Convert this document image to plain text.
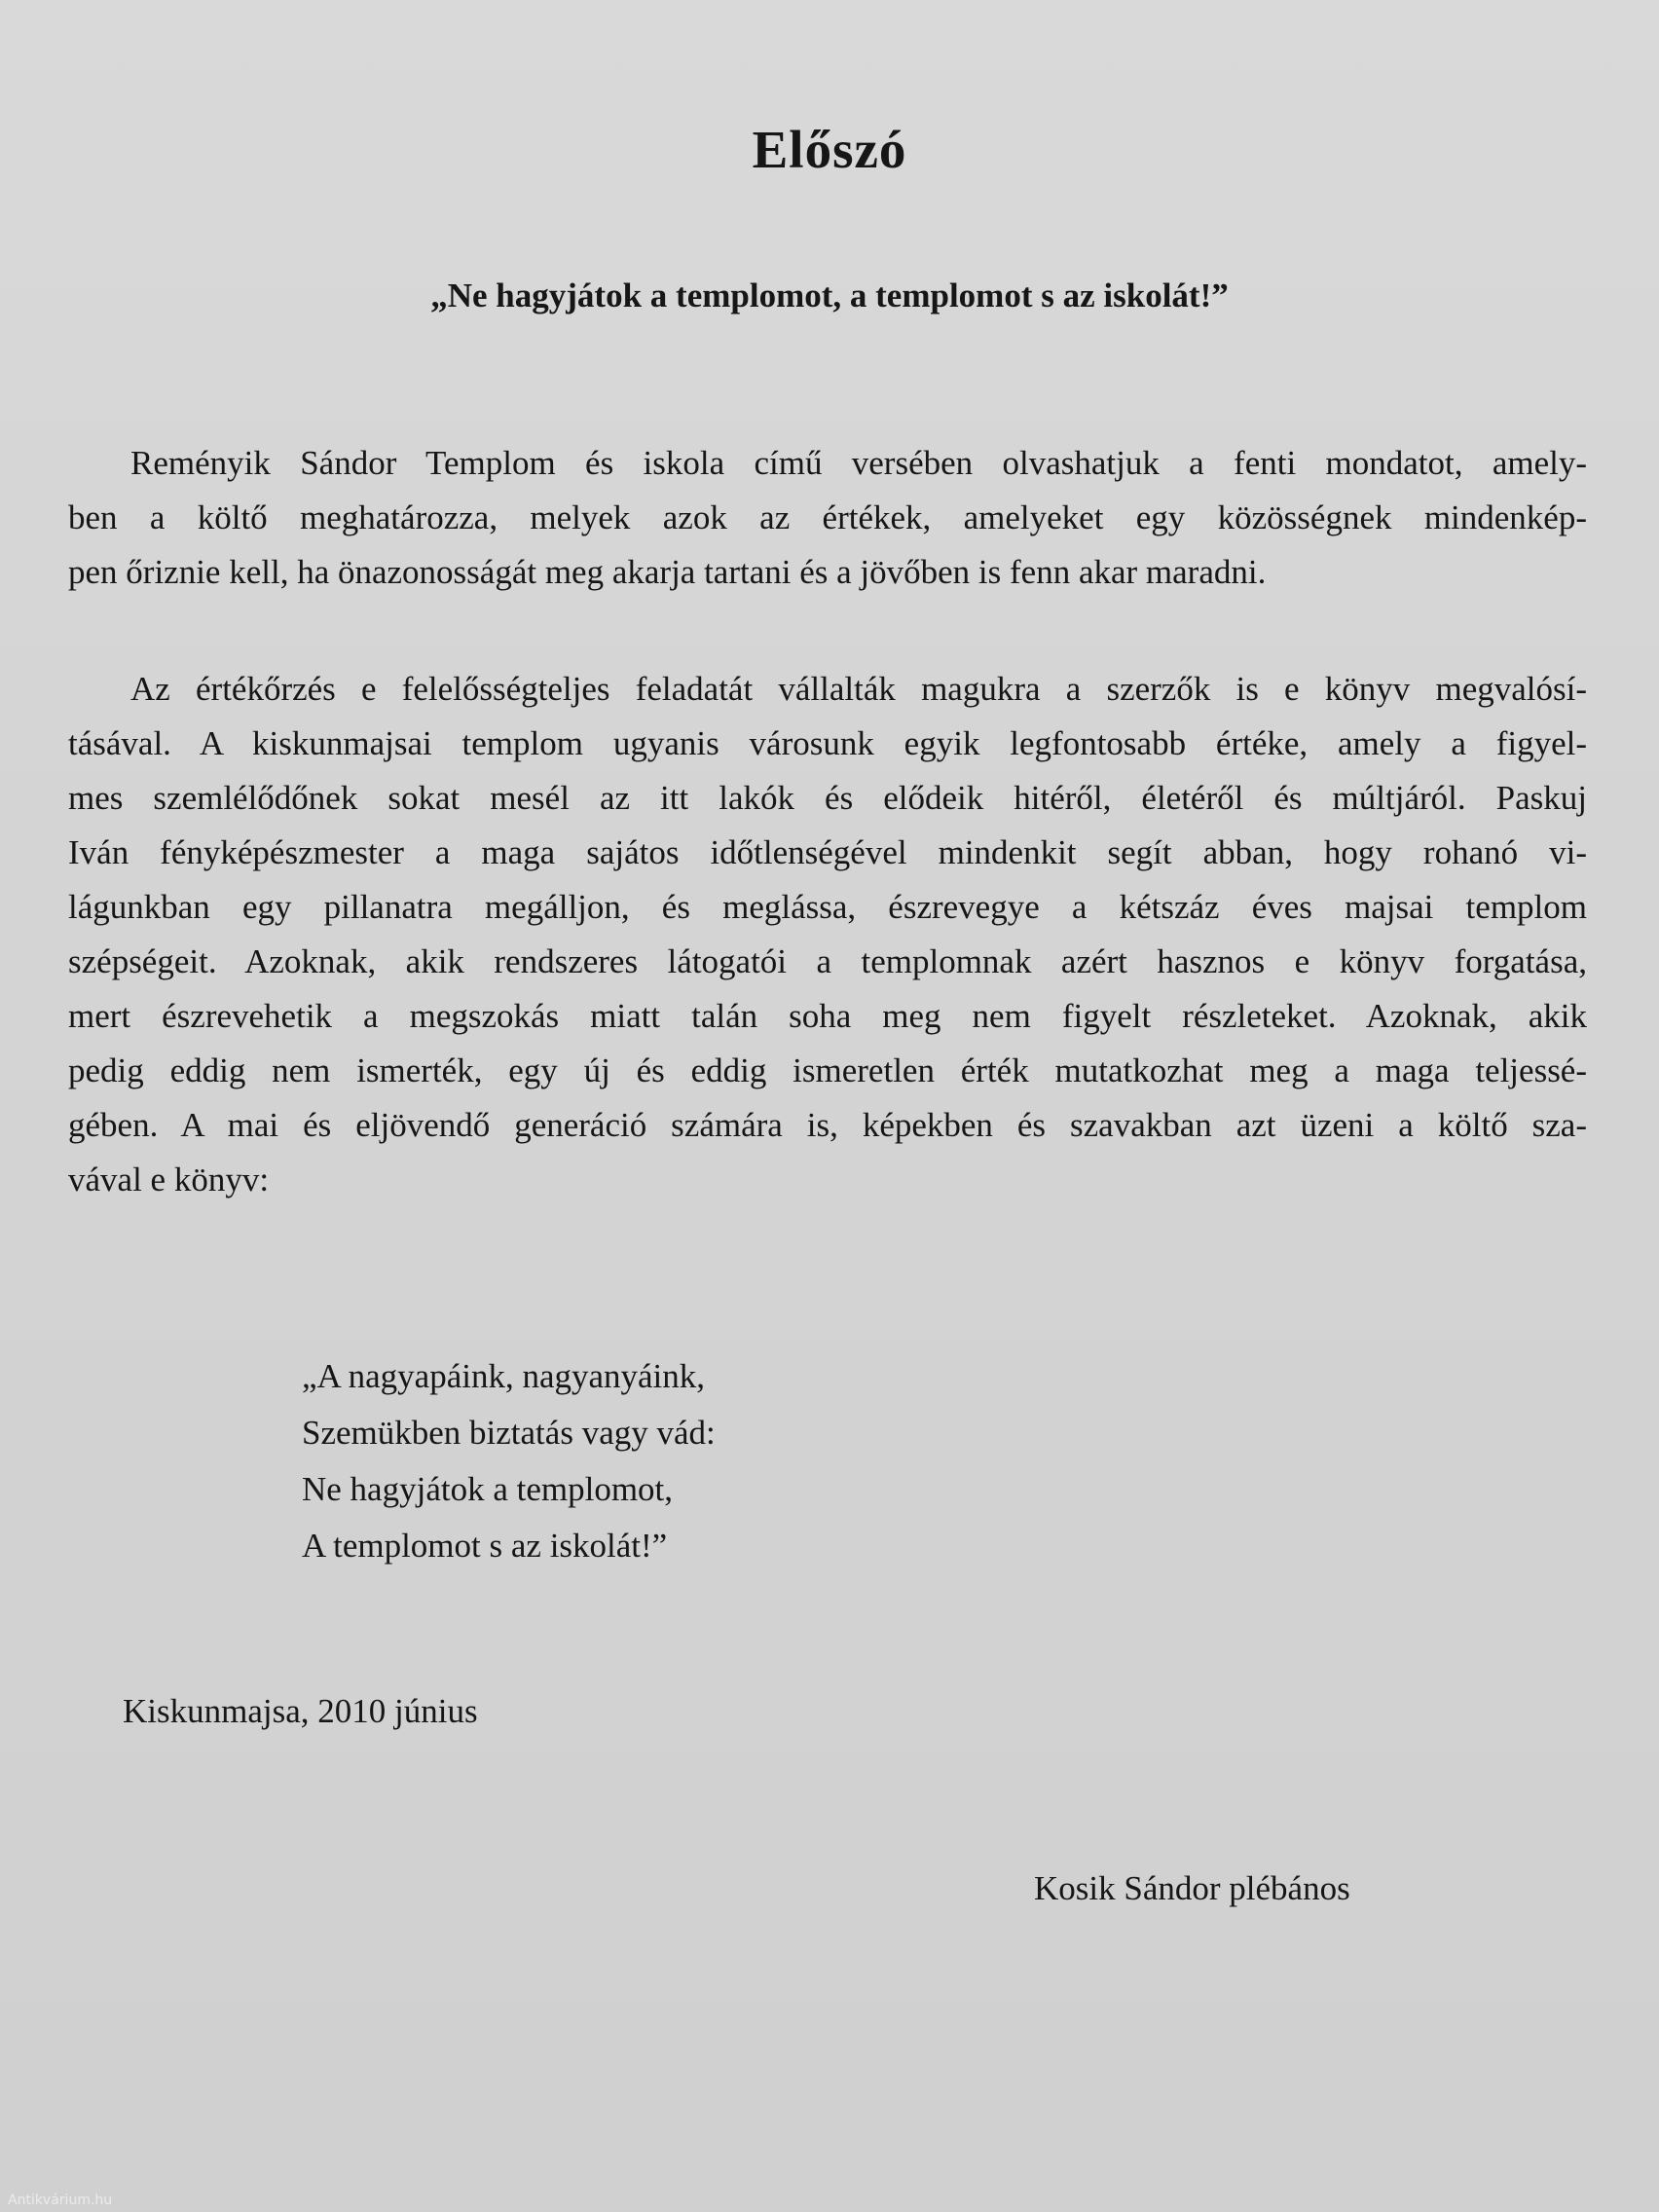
Előszó

„Ne hagyjátok a templomot, a templomot s az iskolát!”

Reményik Sándor Templom és iskola című versében olvashatjuk a fenti mondatot, amely-
ben a költő meghatározza, melyek azok az értékek, amelyeket egy közösségnek mindenkép-
pen őriznie kell, ha önazonosságát meg akarja tartani és a jövőben is fenn akar maradni.
Az értékőrzés e felelősségteljes feladatát vállalták magukra a szerzők is e könyv megvalósí-
tásával. A kiskunmajsai templom ugyanis városunk egyik legfontosabb értéke, amely a figyel-
mes szemlélődőnek sokat mesél az itt lakók és elődeik hitéről, életéről és múltjáról. Paskuj
Iván fényképészmester a maga sajátos időtlenségével mindenkit segít abban, hogy rohanó vi-
lágunkban egy pillanatra megálljon, és meglássa, észrevegye a kétszáz éves majsai templom
szépségeit. Azoknak, akik rendszeres látogatói a templomnak azért hasznos e könyv forgatása,
mert észrevehetik a megszokás miatt talán soha meg nem figyelt részleteket. Azoknak, akik
pedig eddig nem ismerték, egy új és eddig ismeretlen érték mutatkozhat meg a maga teljessé-
gében. A mai és eljövendő generáció számára is, képekben és szavakban azt üzeni a költő sza-
vával e könyv:
„A nagyapáink, nagyanyáink,
Szemükben biztatás vagy vád:
Ne hagyjátok a templomot,
A templomot s az iskolát!”

Kiskunmajsa, 2010 június

Kosik Sándor plébános

Antikvárium.hu
